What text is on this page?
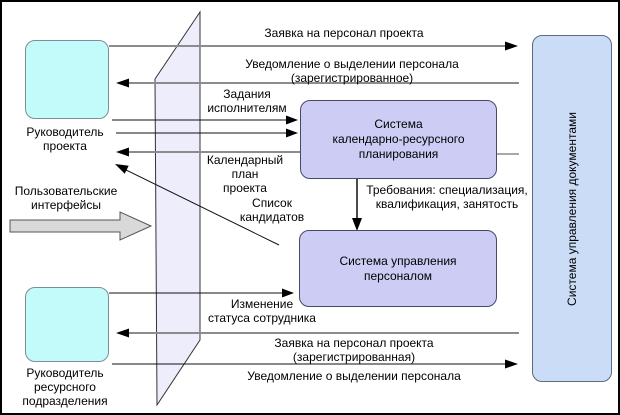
Руководитель
проекта
Руководитель
ресурсного
подразделения
Система
календарно-ресурсного
планирования
Система управления
персоналом	Система управления документами
Пользовательские
интерфейсы
Заявка на персонал проекта
Уведомление о выделении персонала
(зарегистрированное)
Задания
исполнителям
Календарный
план
проекта
Список
кандидатов
Требования: специализация,
квалификация, занятость
Изменение
статуса сотрудника
Заявка на персонал проекта
(зарегистрированная)
Уведомление о выделении персонала
